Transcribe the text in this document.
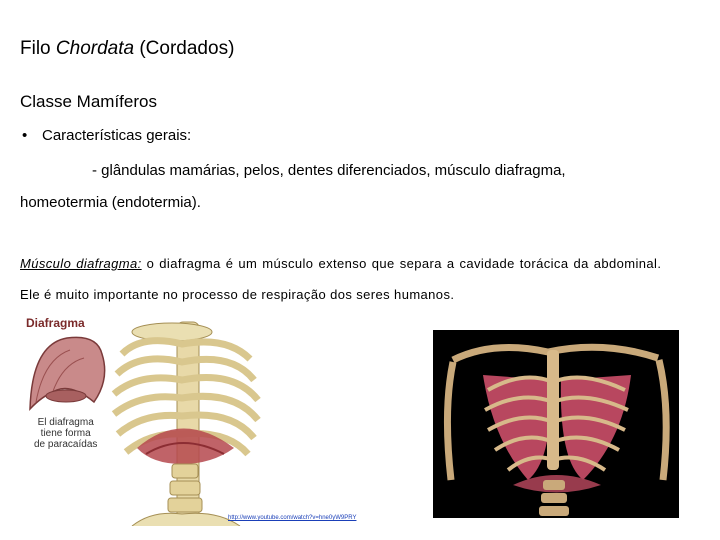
Filo Chordata (Cordados)
Classe Mamíferos
• Características gerais:
- glândulas mamárias, pelos, dentes diferenciados, músculo diafragma,
homeotermia (endotermia).
Músculo diafragma: o diafragma é um músculo extenso que separa a cavidade torácica da abdominal.
Ele é muito importante no processo de respiração dos seres humanos.
Diafragma
El diafragma
tiene forma
de paracaídas
http://www.youtube.com/watch?v=hne0yW9PRY
